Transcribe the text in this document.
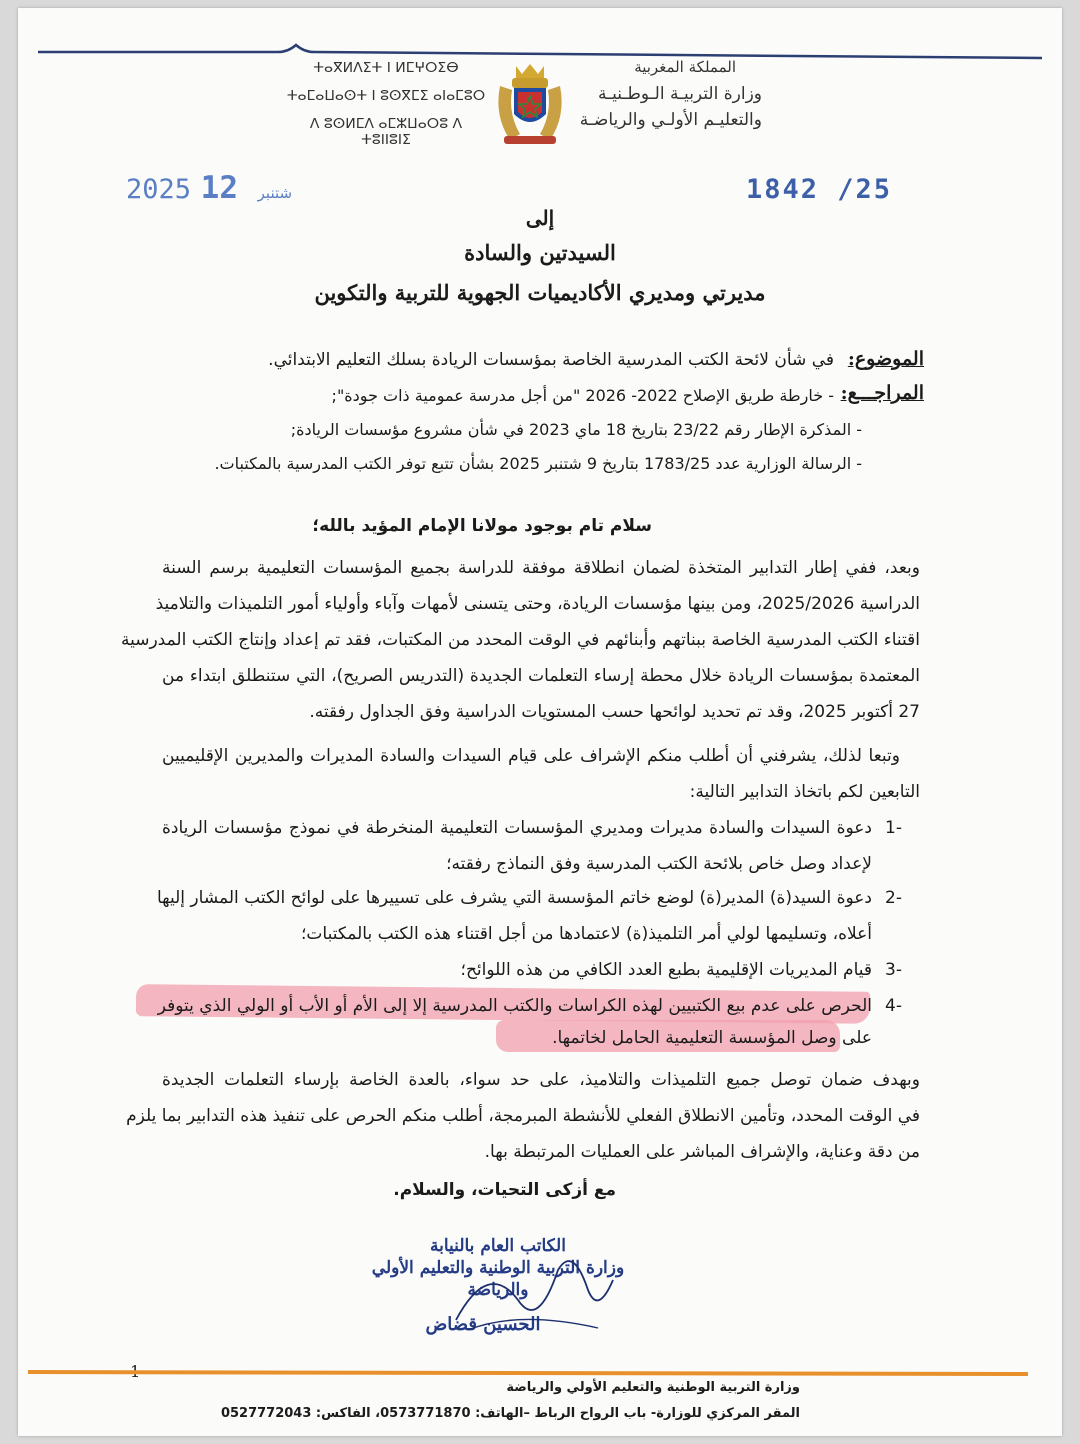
المملكة المغربية
وزارة التربيـة الـوطـنيـة
والتعليـم الأولـي والرياضـة
ⵜⴰⴳⵍⴷⵉⵜ ⵏ ⵍⵎⵖⵔⵉⴱ
ⵜⴰⵎⴰⵡⴰⵙⵜ ⵏ ⵓⵙⴳⵎⵉ ⴰⵏⴰⵎⵓⵔ
ⴷ ⵓⵙⵍⵎⴷ ⴰⵎⵣⵡⴰⵔⵓ ⴷ ⵜⵓⵏⵏⵓⵏⵉ
2025	شتنبر 12	1842 /25
إلى
السيدتين والسادة
مديرتي ومديري الأكاديميات الجهوية للتربية والتكوين
الموضوع:
في شأن لائحة الكتب المدرسية الخاصة بمؤسسات الريادة بسلك التعليم الابتدائي.
المراجـــع:
- خارطة طريق الإصلاح 2022- 2026 "من أجل مدرسة عمومية ذات جودة";
- المذكرة الإطار رقم 23/22 بتاريخ 18 ماي 2023 في شأن مشروع مؤسسات الريادة;
- الرسالة الوزارية عدد 1783/25 بتاريخ 9 شتنبر 2025 بشأن تتبع توفر الكتب المدرسية بالمكتبات.
سلام تام بوجود مولانا الإمام المؤيد بالله؛
وبعد، ففي إطار التدابير المتخذة لضمان انطلاقة موفقة للدراسة بجميع المؤسسات التعليمية برسم السنة
الدراسية 2025/2026، ومن بينها مؤسسات الريادة، وحتى يتسنى لأمهات وآباء وأولياء أمور التلميذات والتلاميذ
اقتناء الكتب المدرسية الخاصة ببناتهم وأبنائهم في الوقت المحدد من المكتبات، فقد تم إعداد وإنتاج الكتب المدرسية
المعتمدة بمؤسسات الريادة خلال محطة إرساء التعلمات الجديدة (التدريس الصريح)، التي ستنطلق ابتداء من
27 أكتوبر 2025، وقد تم تحديد لوائحها حسب المستويات الدراسية وفق الجداول رفقته.
وتبعا لذلك، يشرفني أن أطلب منكم الإشراف على قيام السيدات والسادة المديرات والمديرين الإقليميين
التابعين لكم باتخاذ التدابير التالية:
1-
دعوة السيدات والسادة مديرات ومديري المؤسسات التعليمية المنخرطة في نموذج مؤسسات الريادة
لإعداد وصل خاص بلائحة الكتب المدرسية وفق النماذج رفقته؛
2-
دعوة السيد(ة) المدير(ة) لوضع خاتم المؤسسة التي يشرف على تسييرها على لوائح الكتب المشار إليها
أعلاه، وتسليمها لولي أمر التلميذ(ة) لاعتمادها من أجل اقتناء هذه الكتب بالمكتبات؛
3-
قيام المديريات الإقليمية بطبع العدد الكافي من هذه اللوائح؛
4-
الحرص على عدم بيع الكتبيين لهذه الكراسات والكتب المدرسية إلا إلى الأم أو الأب أو الولي الذي يتوفر
على وصل المؤسسة التعليمية الحامل لخاتمها.
وبهدف ضمان توصل جميع التلميذات والتلاميذ، على حد سواء، بالعدة الخاصة بإرساء التعلمات الجديدة
في الوقت المحدد، وتأمين الانطلاق الفعلي للأنشطة المبرمجة، أطلب منكم الحرص على تنفيذ هذه التدابير بما يلزم
من دقة وعناية، والإشراف المباشر على العمليات المرتبطة بها.
مع أزكى التحيات، والسلام.
الكاتب العام بالنيابة
وزارة التربية الوطنية والتعليم الأولي
والرياضة
الحسين قضاض
1
وزارة التربية الوطنية والتعليم الأولي والرياضة
المقر المركزي للوزارة- باب الرواح الرباط –الهاتف: 0573771870، الفاكس: 0527772043
